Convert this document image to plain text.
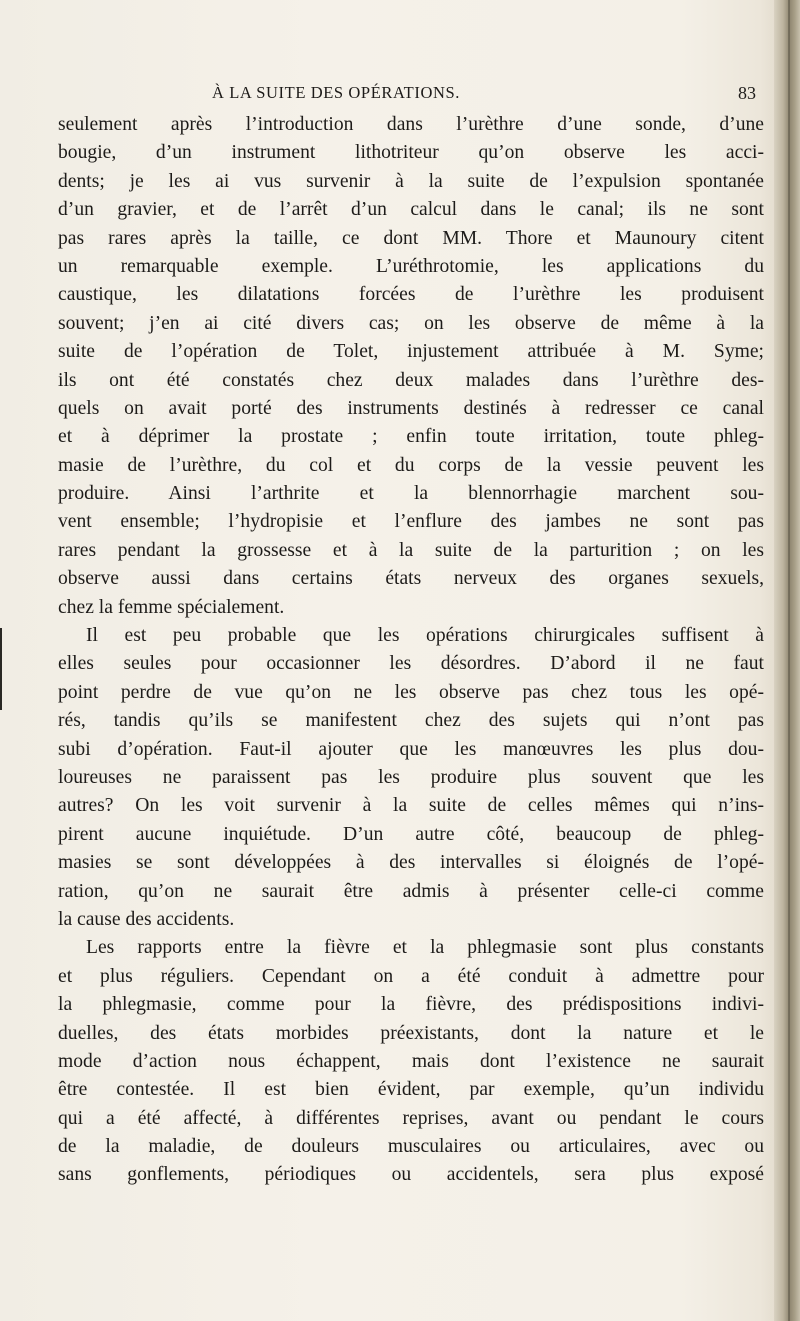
À LA SUITE DES OPÉRATIONS.	83
seulement après l’introduction dans l’urèthre d’une sonde, d’une
bougie, d’un instrument lithotriteur qu’on observe les acci-
dents; je les ai vus survenir à la suite de l’expulsion spontanée
d’un gravier, et de l’arrêt d’un calcul dans le canal; ils ne sont
pas rares après la taille, ce dont MM. Thore et Maunoury citent
un remarquable exemple. L’uréthrotomie, les applications du
caustique, les dilatations forcées de l’urèthre les produisent
souvent; j’en ai cité divers cas; on les observe de même à la
suite de l’opération de Tolet, injustement attribuée à M. Syme;
ils ont été constatés chez deux malades dans l’urèthre des-
quels on avait porté des instruments destinés à redresser ce canal
et à déprimer la prostate ; enfin toute irritation, toute phleg-
masie de l’urèthre, du col et du corps de la vessie peuvent les
produire. Ainsi l’arthrite et la blennorrhagie marchent sou-
vent ensemble; l’hydropisie et l’enflure des jambes ne sont pas
rares pendant la grossesse et à la suite de la parturition ; on les
observe aussi dans certains états nerveux des organes sexuels,
chez la femme spécialement.
Il est peu probable que les opérations chirurgicales suffisent à
elles seules pour occasionner les désordres. D’abord il ne faut
point perdre de vue qu’on ne les observe pas chez tous les opé-
rés, tandis qu’ils se manifestent chez des sujets qui n’ont pas
subi d’opération. Faut-il ajouter que les manœuvres les plus dou-
loureuses ne paraissent pas les produire plus souvent que les
autres? On les voit survenir à la suite de celles mêmes qui n’ins-
pirent aucune inquiétude. D’un autre côté, beaucoup de phleg-
masies se sont développées à des intervalles si éloignés de l’opé-
ration, qu’on ne saurait être admis à présenter celle-ci comme
la cause des accidents.
Les rapports entre la fièvre et la phlegmasie sont plus constants
et plus réguliers. Cependant on a été conduit à admettre pour
la phlegmasie, comme pour la fièvre, des prédispositions indivi-
duelles, des états morbides préexistants, dont la nature et le
mode d’action nous échappent, mais dont l’existence ne saurait
être contestée. Il est bien évident, par exemple, qu’un individu
qui a été affecté, à différentes reprises, avant ou pendant le cours
de la maladie, de douleurs musculaires ou articulaires, avec ou
sans gonflements, périodiques ou accidentels, sera plus exposé
